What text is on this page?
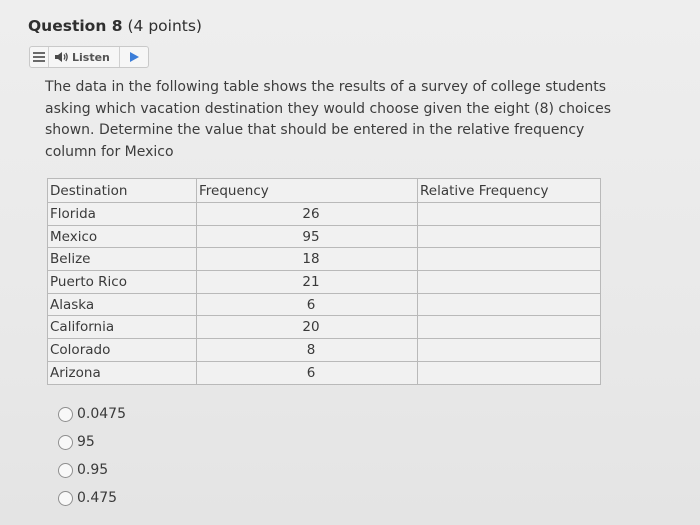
Question 8 (4 points)
Listen
The data in the following table shows the results of a survey of college students asking which vacation destination they would choose given the eight (8) choices shown. Determine the value that should be entered in the relative frequency column for Mexico
Destination	Frequency	Relative Frequency
Florida	26	
Mexico	95	
Belize	18	
Puerto Rico	21	
Alaska	6	
California	20	
Colorado	8	
Arizona	6	
0.0475
95
0.95
0.475
